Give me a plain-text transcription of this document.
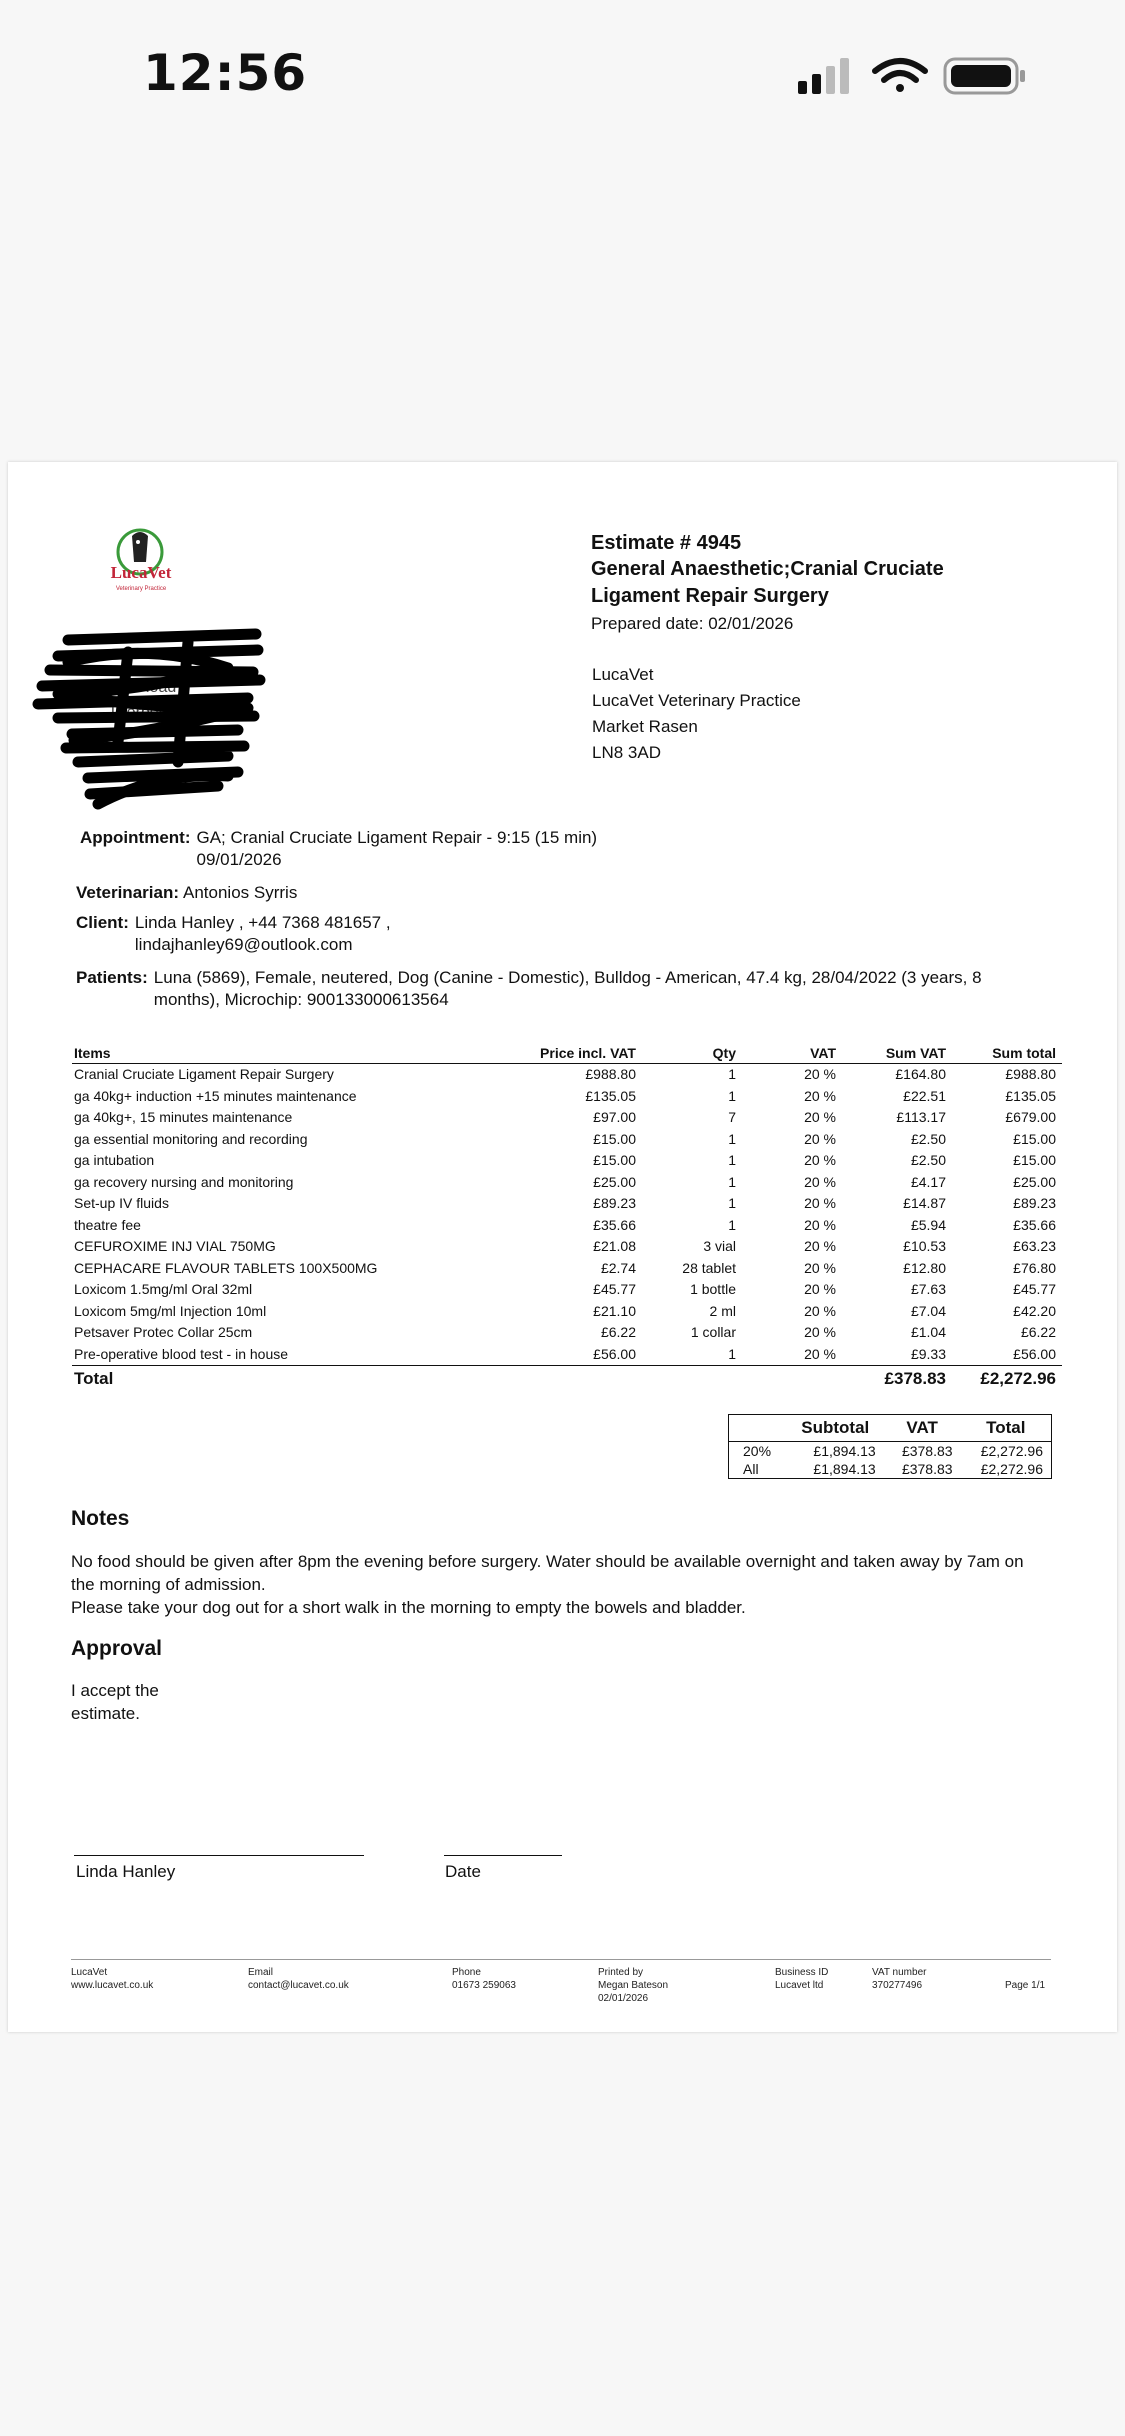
12:56
LucaVet
Veterinary Practice
Estimate # 4945
General Anaesthetic;Cranial Cruciate
Ligament Repair Surgery
Prepared date: 02/01/2026
LucaVet
LucaVet Veterinary Practice
Market Rasen
LN8 3AD
Road
Thorpes
Appointment: GA; Cranial Cruciate Ligament Repair - 9:15 (15 min)
09/01/2026
Veterinarian: Antonios Syrris
Client: Linda Hanley , +44 7368 481657 ,
lindajhanley69@outlook.com
Patients: Luna (5869), Female, neutered, Dog (Canine - Domestic), Bulldog - American, 47.4 kg, 28/04/2022 (3 years, 8
months), Microchip: 900133000613564
Items	Price incl. VAT	Qty	VAT	Sum VAT	Sum total
Cranial Cruciate Ligament Repair Surgery	£988.80	1	20 %	£164.80	£988.80
ga 40kg+ induction +15 minutes maintenance	£135.05	1	20 %	£22.51	£135.05
ga 40kg+, 15 minutes maintenance	£97.00	7	20 %	£113.17	£679.00
ga essential monitoring and recording	£15.00	1	20 %	£2.50	£15.00
ga intubation	£15.00	1	20 %	£2.50	£15.00
ga recovery nursing and monitoring	£25.00	1	20 %	£4.17	£25.00
Set-up IV fluids	£89.23	1	20 %	£14.87	£89.23
theatre fee	£35.66	1	20 %	£5.94	£35.66
CEFUROXIME INJ VIAL 750MG	£21.08	3 vial	20 %	£10.53	£63.23
CEPHACARE FLAVOUR TABLETS 100X500MG	£2.74	28 tablet	20 %	£12.80	£76.80
Loxicom 1.5mg/ml Oral 32ml	£45.77	1 bottle	20 %	£7.63	£45.77
Loxicom 5mg/ml Injection 10ml	£21.10	2 ml	20 %	£7.04	£42.20
Petsaver Protec Collar 25cm	£6.22	1 collar	20 %	£1.04	£6.22
Pre-operative blood test - in house	£56.00	1	20 %	£9.33	£56.00
Total				£378.83	£2,272.96
	Subtotal	VAT	Total
20%	£1,894.13	£378.83	£2,272.96
All	£1,894.13	£378.83	£2,272.96
Notes
No food should be given after 8pm the evening before surgery. Water should be available overnight and taken away by 7am on
the morning of admission.
Please take your dog out for a short walk in the morning to empty the bowels and bladder.
Approval
I accept the
estimate.
Linda Hanley	Date
LucaVet
www.lucavet.co.uk
Email
contact@lucavet.co.uk
Phone
01673 259063
Printed by
Megan Bateson
02/01/2026
Business ID
Lucavet ltd
VAT number
370277496	Page 1/1
